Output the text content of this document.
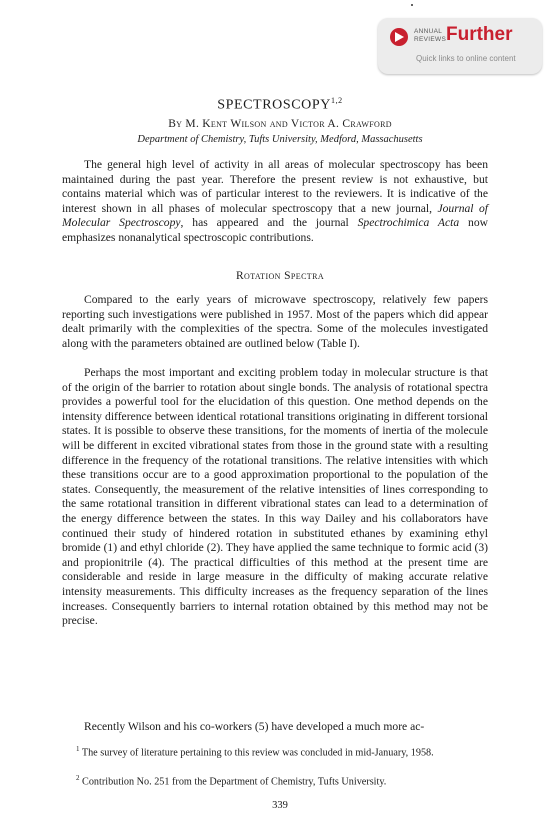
ANNUAL
REVIEWS Further
Quick links to online content
SPECTROSCOPY$^{1,2}$
By M. Kent Wilson and Victor A. Crawford
Department of Chemistry, Tufts University, Medford, Massachusetts

The general high level of activity in all areas of molecular spectroscopy has been maintained during the past year. Therefore the present review is not exhaustive, but contains material which was of particular interest to the reviewers. It is indicative of the interest shown in all phases of molecular spectroscopy that a new journal, Journal of Molecular Spectroscopy, has appeared and the journal Spectrochimica Acta now emphasizes nonanalytical spectroscopic contributions.

Rotation Spectra

Compared to the early years of microwave spectroscopy, relatively few papers reporting such investigations were published in 1957. Most of the papers which did appear dealt primarily with the complexities of the spectra. Some of the molecules investigated along with the parameters obtained are outlined below (Table I).

Perhaps the most important and exciting problem today in molecular structure is that of the origin of the barrier to rotation about single bonds. The analysis of rotational spectra provides a powerful tool for the elucidation of this question. One method depends on the intensity difference between identical rotational transitions originating in different torsional states. It is possible to observe these transitions, for the moments of inertia of the molecule will be different in excited vibrational states from those in the ground state with a resulting difference in the frequency of the rotational transitions. The relative intensities with which these transitions occur are to a good approximation proportional to the population of the states. Consequently, the measurement of the relative intensities of lines corresponding to the same rotational transition in different vibrational states can lead to a determination of the energy difference between the states. In this way Dailey and his collaborators have continued their study of hindered rotation in substituted ethanes by examining ethyl bromide (1) and ethyl chloride (2). They have applied the same technique to formic acid (3) and propionitrile (4). The practical difficulties of this method at the present time are considerable and reside in large measure in the difficulty of making accurate relative intensity measurements. This difficulty increases as the frequency separation of the lines increases. Consequently barriers to internal rotation obtained by this method may not be precise.

Recently Wilson and his co-workers (5) have developed a much more ac-

$^1$ The survey of literature pertaining to this review was concluded in mid-January, 1958.

$^2$ Contribution No. 251 from the Department of Chemistry, Tufts University.

339
